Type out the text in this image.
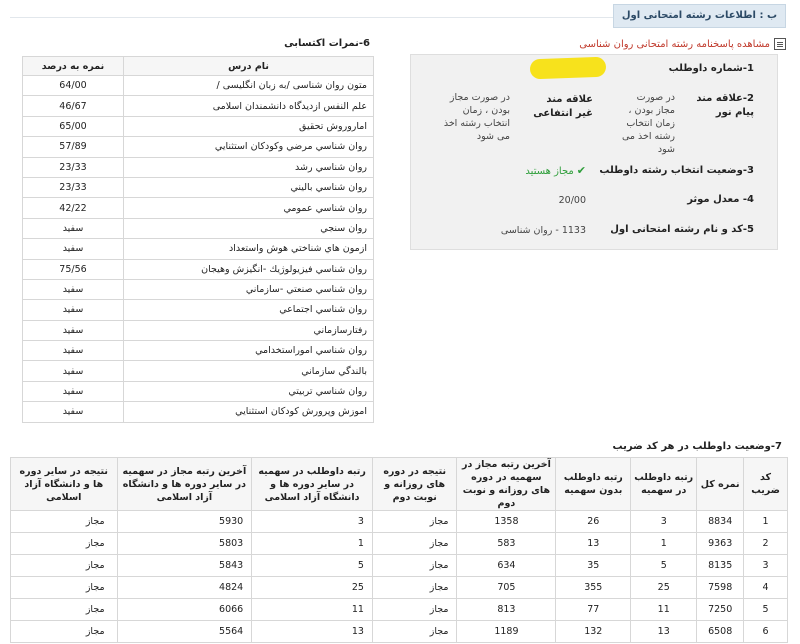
ب : اطلاعات رشته امتحانی اول
مشاهده پاسخنامه رشته امتحانی روان شناسی
1-شماره داوطلب
2-علاقه مند
پیام نور
در صورت مجاز بودن ، زمان انتخاب رشته اخذ می شود
علاقه مند غیر انتفاعی
در صورت مجاز بودن ، زمان انتخاب رشته اخذ می شود
3-وضعیت انتخاب رشته داوطلب
✔مجاز هستید
4- معدل موثر
20/00
5-کد و نام رشته امتحانی اول
1133 - روان شناسی
6-نمرات اکتسابی
نام درس	نمره به درصد
متون روان شناسی /به زبان انگلیسی /	64/00
علم النفس ازدیدگاه دانشمندان اسلامی	46/67
اماروروش تحقیق	65/00
روان شناسي مرضي وكودكان استثنايي	57/89
روان شناسي رشد	23/33
روان شناسي باليني	23/33
روان شناسي عمومي	42/22
روان سنجي	سفید
ازمون هاي شناختي هوش واستعداد	سفید
روان شناسي فيزيولوژيك -انگيزش وهيجان	75/56
روان شناسي صنعتي -سازماني	سفید
روان شناسي اجتماعي	سفید
رفتارسازماني	سفید
روان شناسي اموراستخدامي	سفید
بالندگي سازماني	سفید
روان شناسي تربيتي	سفید
اموزش وپرورش كودكان استثنايي	سفید
7-وضعیت داوطلب در هر کد ضریب
کد ضریب	نمره کل	رتبه داوطلب در سهمیه	رتبه داوطلب بدون سهمیه	آخرین رتبه مجاز در سهمیه در دوره های روزانه و نوبت دوم	نتیجه در دوره های روزانه و نوبت دوم	رتبه داوطلب در سهمیه در سایر دوره ها و دانشگاه آزاد اسلامی	آخرین رتبه مجاز در سهمیه در سایر دوره ها و دانشگاه آزاد اسلامی	نتیجه در سایر دوره ها و دانشگاه آزاد اسلامی
1	8834	3	26	1358	مجاز	3	5930	مجاز
2	9363	1	13	583	مجاز	1	5803	مجاز
3	8135	5	35	634	مجاز	5	5843	مجاز
4	7598	25	355	705	مجاز	25	4824	مجاز
5	7250	11	77	813	مجاز	11	6066	مجاز
6	6508	13	132	1189	مجاز	13	5564	مجاز
